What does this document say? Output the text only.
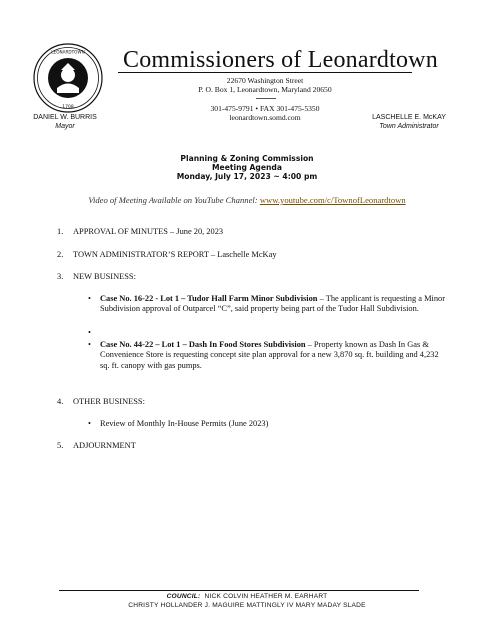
LEONARDTOWN
1708
Commissioners of Leonardtown
22670 Washington Street
P. O. Box 1, Leonardtown, Maryland 20650
301-475-9791 • FAX 301-475-5350
leonardtown.somd.com
DANIEL W. BURRIS
Mayor
LASCHELLE E. McKAY
Town Administrator
Planning & Zoning Commission
Meeting Agenda
Monday, July 17, 2023 ~ 4:00 pm
Video of Meeting Available on YouTube Channel: www.youtube.com/c/TownofLeonardtown
1. APPROVAL OF MINUTES – June 20, 2023
2. TOWN ADMINISTRATOR’S REPORT – Laschelle McKay
3. NEW BUSINESS:
• Case No. 16-22 - Lot 1 – Tudor Hall Farm Minor Subdivision – The applicant is requesting a Minor Subdivision approval of Outparcel “C”, said property being part of the Tudor Hall Subdivision.
•
• Case No. 44-22 – Lot 1 – Dash In Food Stores Subdivision – Property known as Dash In Gas & Convenience Store is requesting concept site plan approval for a new 3,870 sq. ft. building and 4,232 sq. ft. canopy with gas pumps.
4. OTHER BUSINESS:
• Review of Monthly In-House Permits (June 2023)
5. ADJOURNMENT
COUNCIL: NICK COLVIN HEATHER M. EARHART
CHRISTY HOLLANDER J. MAGUIRE MATTINGLY IV MARY MADAY SLADE
